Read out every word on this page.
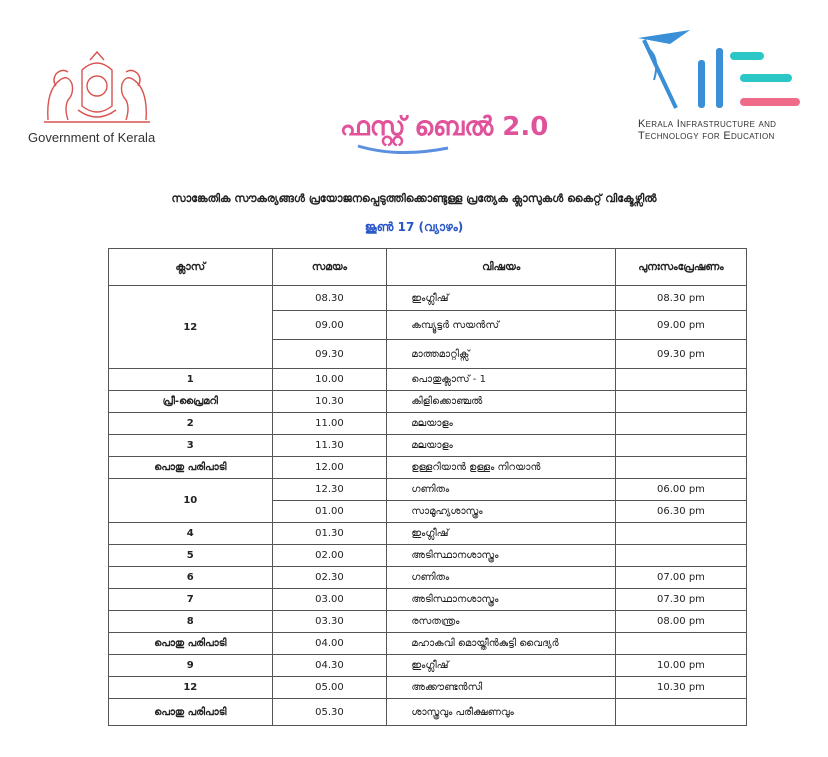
Government of Kerala	ഫസ്റ്റ് ബെൽ 2.0	Kerala Infrastructure and
Technology for Education
സാങ്കേതിക സൗകര്യങ്ങൾ പ്രയോജനപ്പെടുത്തിക്കൊണ്ടുള്ള പ്രത്യേക ക്ലാസുകൾ കൈറ്റ് വിക്ടേഴ്സിൽ
ജൂൺ 17 (വ്യാഴം)
ക്ലാസ്	സമയം	വിഷയം	പുനഃസംപ്രേഷണം
12	08.30	ഇംഗ്ലീഷ്	08.30 pm
	09.00	കമ്പ്യൂട്ടർ സയൻസ്	09.00 pm
	09.30	മാത്തമാറ്റിക്സ്	09.30 pm
1	10.00	പൊതുക്ലാസ് - 1	
പ്രീ-പ്രൈമറി	10.30	കിളിക്കൊഞ്ചൽ	
2	11.00	മലയാളം	
3	11.30	മലയാളം	
പൊതു പരിപാടി	12.00	ഉള്ളറിയാൻ ഉള്ളം നിറയാൻ	
10	12.30	ഗണിതം	06.00 pm
	01.00	സാമൂഹ്യശാസ്ത്രം	06.30 pm
4	01.30	ഇംഗ്ലീഷ്	
5	02.00	അടിസ്ഥാനശാസ്ത്രം	
6	02.30	ഗണിതം	07.00 pm
7	03.00	അടിസ്ഥാനശാസ്ത്രം	07.30 pm
8	03.30	രസതന്ത്രം	08.00 pm
പൊതു പരിപാടി	04.00	മഹാകവി മൊയ്തീൻകുട്ടി വൈദ്യർ	
9	04.30	ഇംഗ്ലീഷ്	10.00 pm
12	05.00	അക്കൗണ്ടൻസി	10.30 pm
പൊതു പരിപാടി	05.30	ശാസ്ത്രവും പരീക്ഷണവും	
